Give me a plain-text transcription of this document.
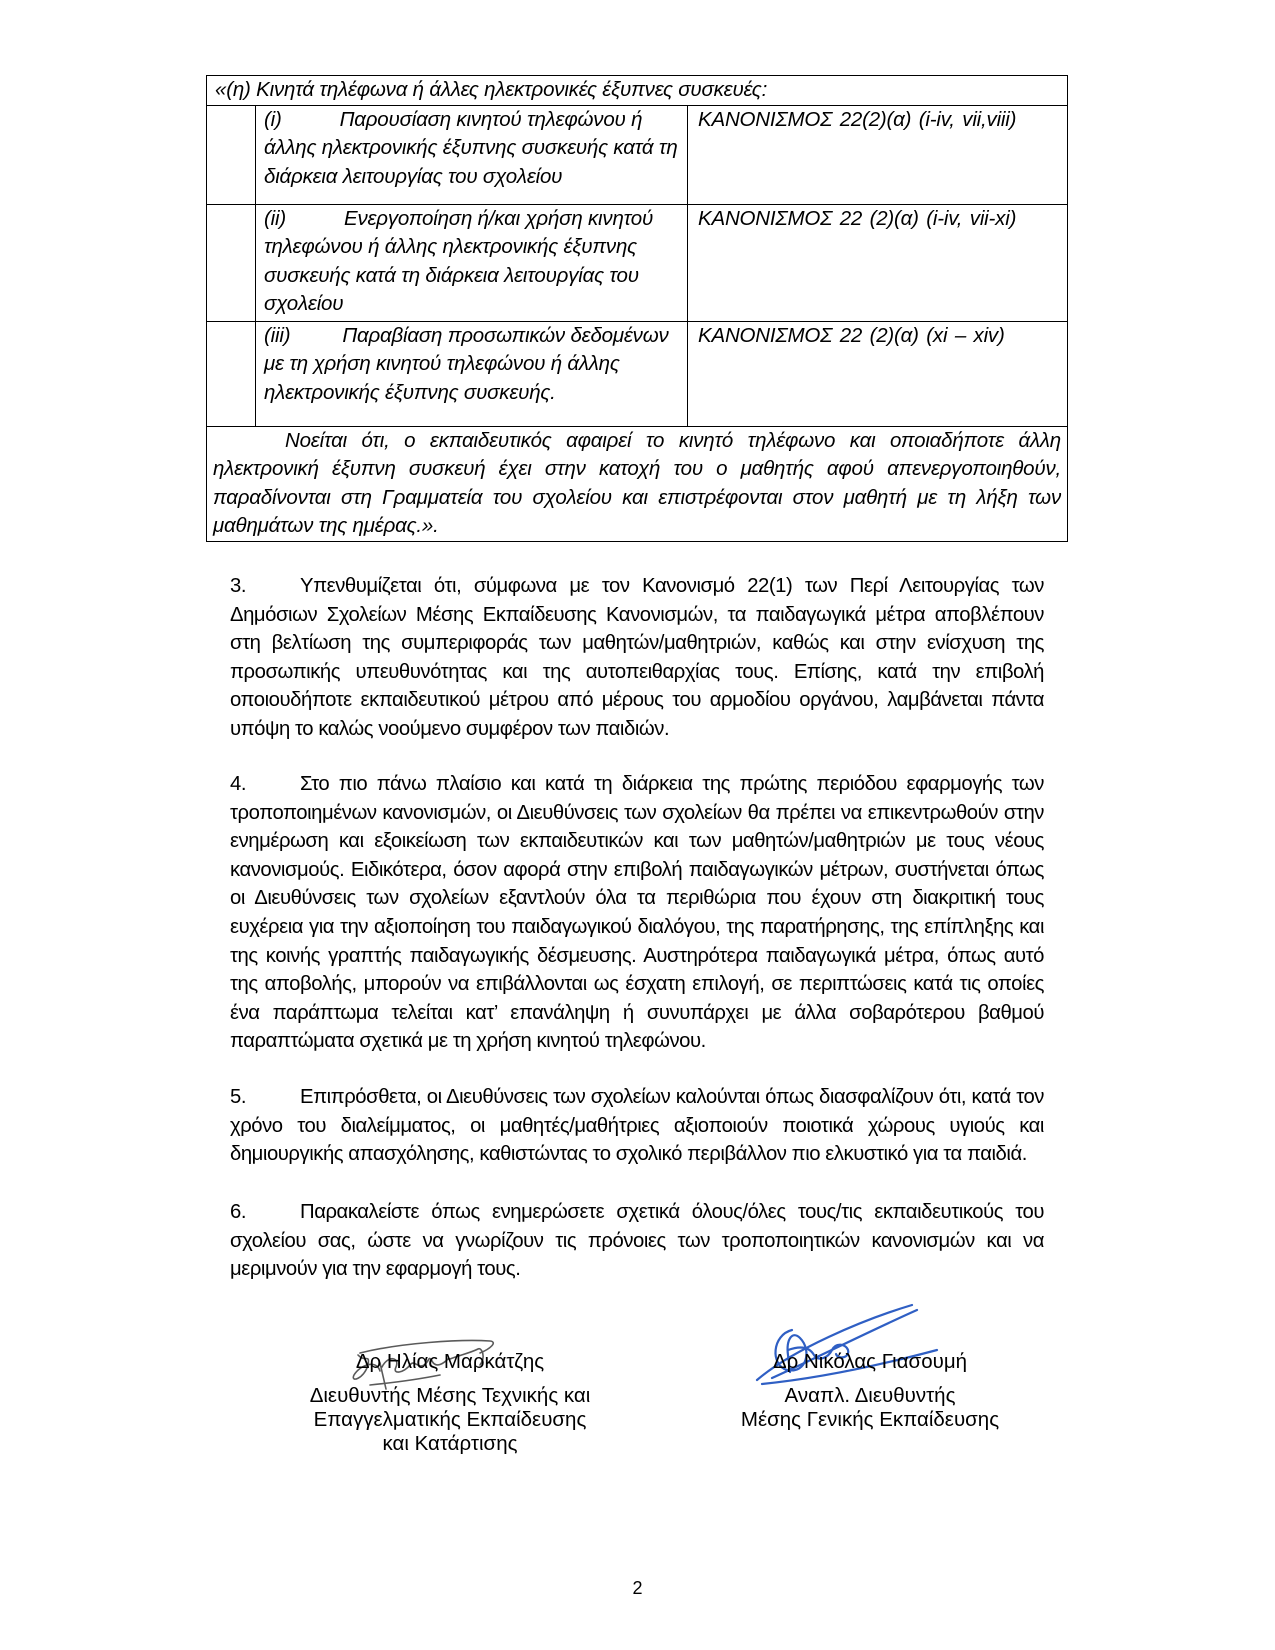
«(η) Κινητά τηλέφωνα ή άλλες ηλεκτρονικές έξυπνες συσκευές:		
	(i) Παρουσίαση κινητού τηλεφώνου ή άλλης ηλεκτρονικής έξυπνης συσκευής κατά τη διάρκεια λειτουργίας του σχολείου	ΚΑΝΟΝΙΣΜΟΣ 22(2)(α) (i-iv, vii,viii)
	(ii) Ενεργοποίηση ή/και χρήση κινητού τηλεφώνου ή άλλης ηλεκτρονικής έξυπνης συσκευής κατά τη διάρκεια λειτουργίας του σχολείου	ΚΑΝΟΝΙΣΜΟΣ 22 (2)(α) (i-iv, vii-xi)
	(iii) Παραβίαση προσωπικών δεδομένων με τη χρήση κινητού τηλεφώνου ή άλλης ηλεκτρονικής έξυπνης συσκευής.	ΚΑΝΟΝΙΣΜΟΣ 22 (2)(α) (xi – xiv)
Νοείται ότι, ο εκπαιδευτικός αφαιρεί το κινητό τηλέφωνο και οποιαδήποτε άλλη ηλεκτρονική έξυπνη συσκευή έχει στην κατοχή του ο μαθητής αφού απενεργοποιηθούν, παραδίνονται στη Γραμματεία του σχολείου και επιστρέφονται στον μαθητή με τη λήξη των μαθημάτων της ημέρας.».		

3.	Υπενθυμίζεται ότι, σύμφωνα με τον Κανονισμό 22(1) των Περί Λειτουργίας των Δημόσιων Σχολείων Μέσης Εκπαίδευσης Κανονισμών, τα παιδαγωγικά μέτρα αποβλέπουν στη βελτίωση της συμπεριφοράς των μαθητών/μαθητριών, καθώς και στην ενίσχυση της προσωπικής υπευθυνότητας και της αυτοπειθαρχίας τους. Επίσης, κατά την επιβολή οποιουδήποτε εκπαιδευτικού μέτρου από μέρους του αρμοδίου οργάνου, λαμβάνεται πάντα υπόψη το καλώς νοούμενο συμφέρον των παιδιών.

4.	Στο πιο πάνω πλαίσιο και κατά τη διάρκεια της πρώτης περιόδου εφαρμογής των τροποποιημένων κανονισμών, οι Διευθύνσεις των σχολείων θα πρέπει να επικεντρωθούν στην ενημέρωση και εξοικείωση των εκπαιδευτικών και των μαθητών/μαθητριών με τους νέους κανονισμούς. Ειδικότερα, όσον αφορά στην επιβολή παιδαγωγικών μέτρων, συστήνεται όπως οι Διευθύνσεις των σχολείων εξαντλούν όλα τα περιθώρια που έχουν στη διακριτική τους ευχέρεια για την αξιοποίηση του παιδαγωγικού διαλόγου, της παρατήρησης, της επίπληξης και της κοινής γραπτής παιδαγωγικής δέσμευσης. Αυστηρότερα παιδαγωγικά μέτρα, όπως αυτό της αποβολής, μπορούν να επιβάλλονται ως έσχατη επιλογή, σε περιπτώσεις κατά τις οποίες ένα παράπτωμα τελείται κατ’ επανάληψη ή συνυπάρχει με άλλα σοβαρότερου βαθμού παραπτώματα σχετικά με τη χρήση κινητού τηλεφώνου.

5.	Επιπρόσθετα, οι Διευθύνσεις των σχολείων καλούνται όπως διασφαλίζουν ότι, κατά τον χρόνο του διαλείμματος, οι μαθητές/μαθήτριες αξιοποιούν ποιοτικά χώρους υγιούς και δημιουργικής απασχόλησης, καθιστώντας το σχολικό περιβάλλον πιο ελκυστικό για τα παιδιά.

6.	Παρακαλείστε όπως ενημερώσετε σχετικά όλους/όλες τους/τις εκπαιδευτικούς του σχολείου σας, ώστε να γνωρίζουν τις πρόνοιες των τροποποιητικών κανονισμών και να μεριμνούν για την εφαρμογή τους.

Δρ Ηλίας Μαρκάτζης
Διευθυντής Μέσης Τεχνικής και
Επαγγελματικής Εκπαίδευσης
και Κατάρτισης
Δρ Νικόλας Γιασουμή
Αναπλ. Διευθυντής
Μέσης Γενικής Εκπαίδευσης
2
